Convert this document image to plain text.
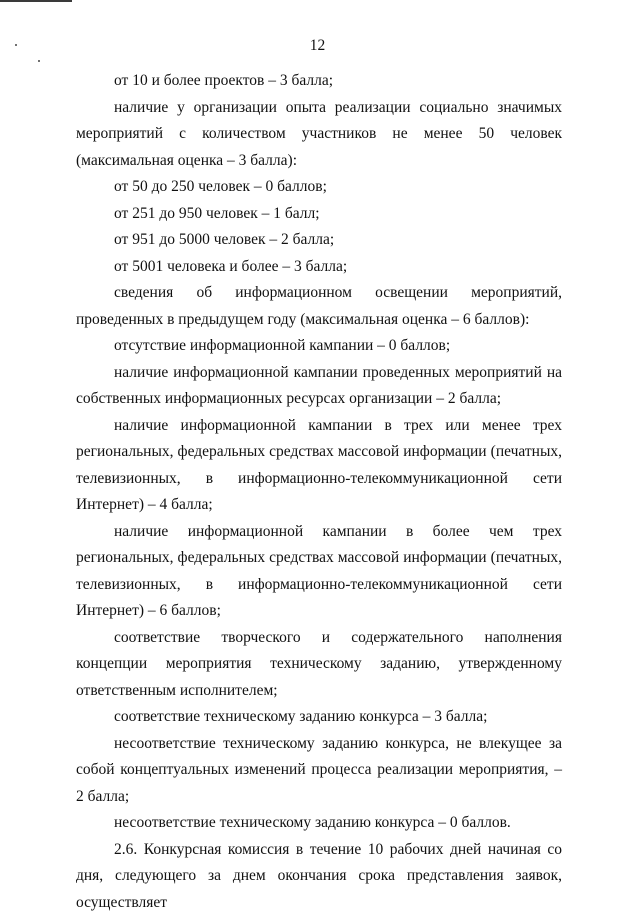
12

от 10 и более проектов – 3 балла;

наличие у организации опыта реализации социально значимых мероприятий с количеством участников не менее 50 человек (максимальная оценка – 3 балла):

от 50 до 250 человек – 0 баллов;

от 251 до 950 человек – 1 балл;

от 951 до 5000 человек – 2 балла;

от 5001 человека и более – 3 балла;

сведения об информационном освещении мероприятий, проведенных в предыдущем году (максимальная оценка – 6 баллов):

отсутствие информационной кампании – 0 баллов;

наличие информационной кампании проведенных мероприятий на собственных информационных ресурсах организации – 2 балла;

наличие информационной кампании в трех или менее трех региональных, федеральных средствах массовой информации (печатных, телевизионных, в информационно-телекоммуникационной сети Интернет) – 4 балла;

наличие информационной кампании в более чем трех региональных, федеральных средствах массовой информации (печатных, телевизионных, в информационно-телекоммуникационной сети Интернет) – 6 баллов;

соответствие творческого и содержательного наполнения концепции мероприятия техническому заданию, утвержденному ответственным исполнителем;

соответствие техническому заданию конкурса – 3 балла;

несоответствие техническому заданию конкурса, не влекущее за собой концептуальных изменений процесса реализации мероприятия, – 2 балла;

несоответствие техническому заданию конкурса – 0 баллов.

2.6. Конкурсная комиссия в течение 10 рабочих дней начиная со дня, следующего за днем окончания срока представления заявок, осуществляет
